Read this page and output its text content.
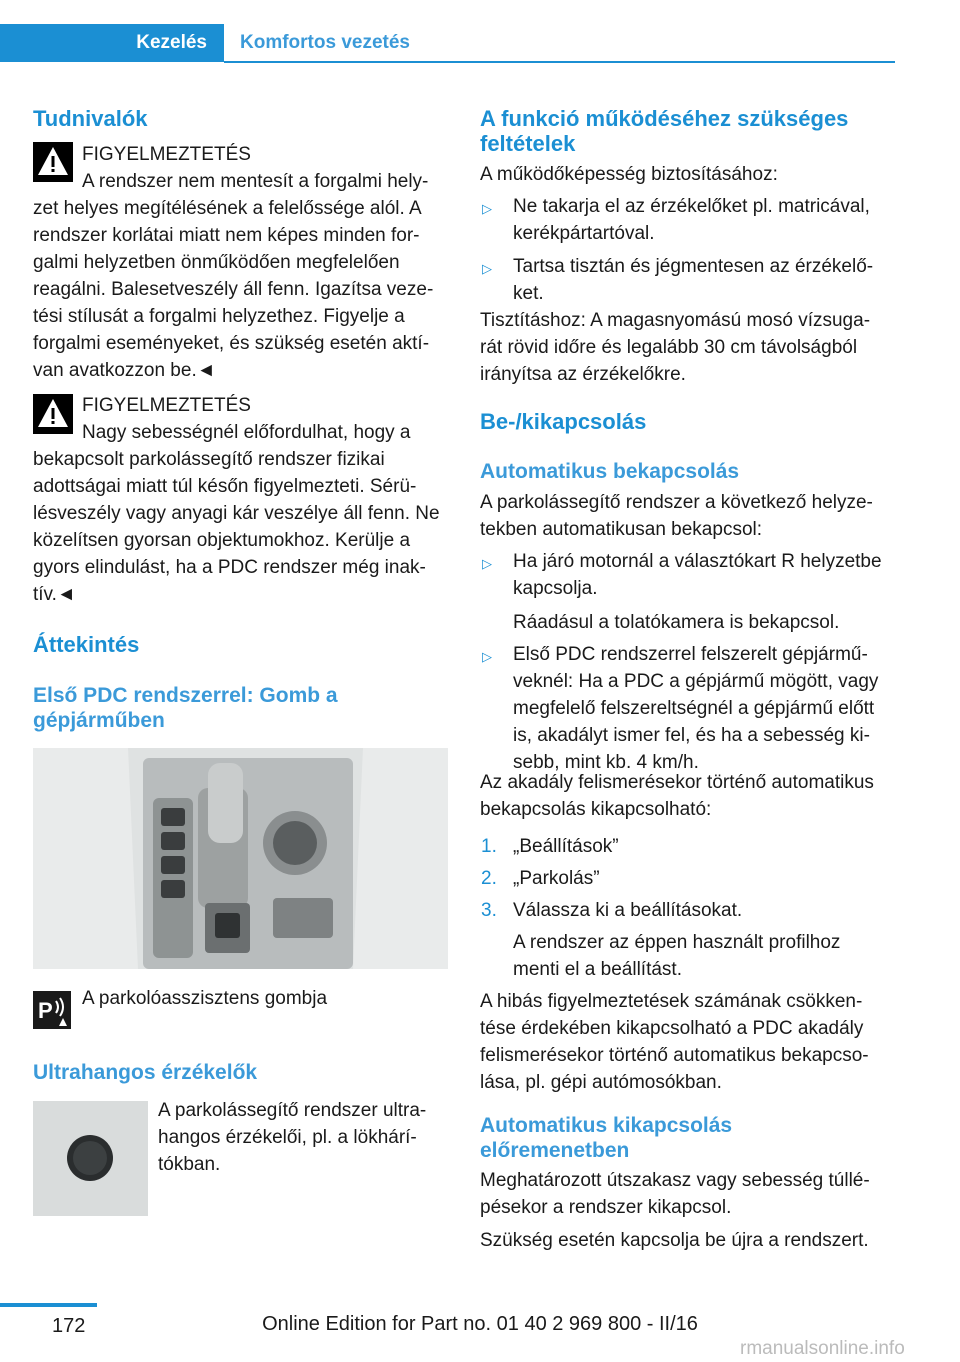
Kezelés	Komfortos vezetés
Tudnivalók

FIGYELMEZTETÉS

A rendszer nem mentesít a forgalmi hely-

zet helyes megítélésének a felelőssége alól. A

rendszer korlátai miatt nem képes minden for-

galmi helyzetben önműködően megfelelően

reagálni. Balesetveszély áll fenn. Igazítsa veze-

tési stílusát a forgalmi helyzethez. Figyelje a

forgalmi eseményeket, és szükség esetén aktí-

van avatkozzon be.◄

FIGYELMEZTETÉS

Nagy sebességnél előfordulhat, hogy a

bekapcsolt parkolássegítő rendszer fizikai

adottságai miatt túl későn figyelmezteti. Sérü-

lésveszély vagy anyagi kár veszélye áll fenn. Ne

közelítsen gyorsan objektumokhoz. Kerülje a

gyors elindulást, ha a PDC rendszer még inak-

tív.◄

Áttekintés
Első PDC rendszerrel: Gomb a
gépjárműben
P A parkolóasszisztens gombja
Ultrahangos érzékelők

A parkolássegítő rendszer ultra-

hangos érzékelői, pl. a lökhárí-

tókban.

A funkció működéséhez szükséges
feltételek
A működőképesség biztosításához:
▷ Ne takarja el az érzékelőket pl. matricával,

kerékpártartóval.

▷ Tartsa tisztán és jégmentesen az érzékelő-

ket.

Tisztításhoz: A magasnyomású mosó vízsuga-

rát rövid időre és legalább 30 cm távolságból

irányítsa az érzékelőkre.

Be-/kikapcsolás
Automatikus bekapcsolás

A parkolássegítő rendszer a következő helyze-

tekben automatikusan bekapcsol:

▷ Ha járó motornál a választókart R helyzetbe

kapcsolja.

Ráadásul a tolatókamera is bekapcsol.

▷ Első PDC rendszerrel felszerelt gépjármű-

veknél: Ha a PDC a gépjármű mögött, vagy

megfelelő felszereltségnél a gépjármű előtt

is, akadályt ismer fel, és ha a sebesség ki-

sebb, mint kb. 4 km/h.

Az akadály felismerésekor történő automatikus

bekapcsolás kikapcsolható:

1. „Beállítások”
2. „Parkolás”
3. Válassza ki a beállításokat.

A rendszer az éppen használt profilhoz

menti el a beállítást.

A hibás figyelmeztetések számának csökken-

tése érdekében kikapcsolható a PDC akadály

felismerésekor történő automatikus bekapcso-

lása, pl. gépi autómosókban.

Automatikus kikapcsolás
előremenetben

Meghatározott útszakasz vagy sebesség túllé-

pésekor a rendszer kikapcsol.

Szükség esetén kapcsolja be újra a rendszert.
172	Online Edition for Part no. 01 40 2 969 800 - II/16
rmanualsonline.info
